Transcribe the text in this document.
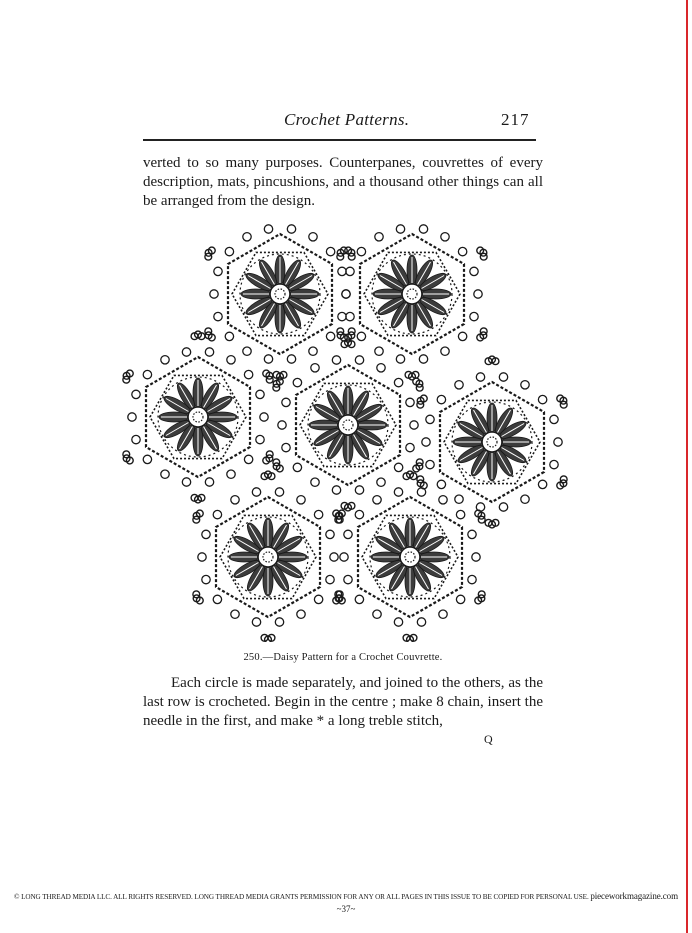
Crochet Patterns.	217

verted to so many purposes. Counterpanes, couvrettes of every description, mats, pincushions, and a thousand other things can all be arranged from the design.

250.—Daisy Pattern for a Crochet Couvrette.

Each circle is made separately, and joined to the others, as the last row is crocheted. Begin in the centre ; make 8 chain, insert the needle in the first, and make * a long treble stitch,

Q
© LONG THREAD MEDIA LLC. ALL RIGHTS RESERVED. LONG THREAD MEDIA GRANTS PERMISSION FOR ANY OR ALL PAGES IN THIS ISSUE TO BE COPIED FOR PERSONAL USE. pieceworkmagazine.com
~37~
